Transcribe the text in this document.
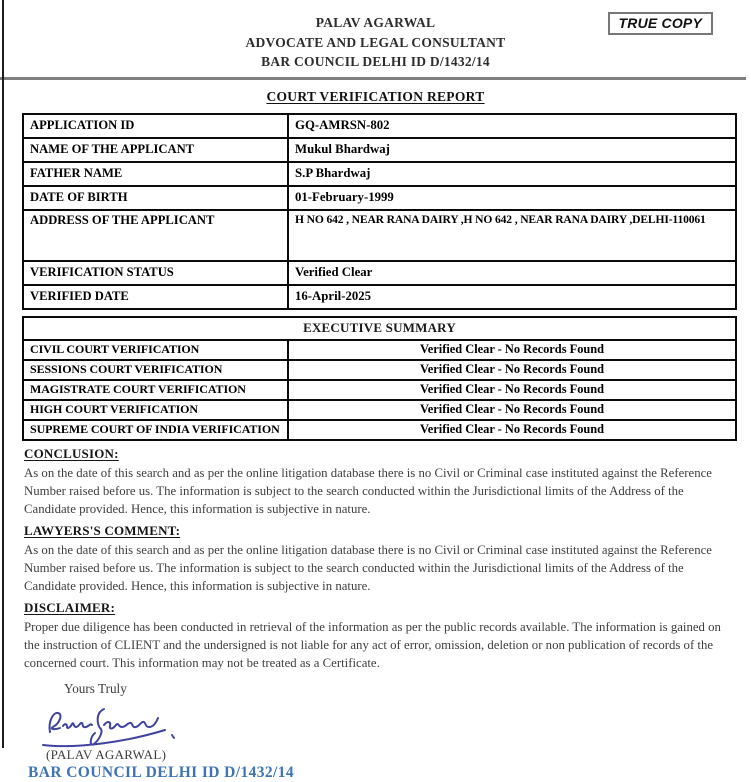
PALAV AGARWAL
ADVOCATE AND LEGAL CONSULTANT
BAR COUNCIL DELHI ID D/1432/14
TRUE COPY
COURT VERIFICATION REPORT
APPLICATION ID	GQ-AMRSN-802
NAME OF THE APPLICANT	Mukul Bhardwaj
FATHER NAME	S.P Bhardwaj
DATE OF BIRTH	01-February-1999
ADDRESS OF THE APPLICANT	H NO 642 , NEAR RANA DAIRY ,H NO 642 , NEAR RANA DAIRY ,DELHI-110061
VERIFICATION STATUS	Verified Clear
VERIFIED DATE	16-April-2025
EXECUTIVE SUMMARY	
CIVIL COURT VERIFICATION	Verified Clear - No Records Found
SESSIONS COURT VERIFICATION	Verified Clear - No Records Found
MAGISTRATE COURT VERIFICATION	Verified Clear - No Records Found
HIGH COURT VERIFICATION	Verified Clear - No Records Found
SUPREME COURT OF INDIA VERIFICATION	Verified Clear - No Records Found
CONCLUSION:

As on the date of this search and as per the online litigation database there is no Civil or Criminal case instituted against the Reference Number raised before us. The information is subject to the search conducted within the Jurisdictional limits of the Address of the Candidate provided. Hence, this information is subjective in nature.

LAWYERS'S COMMENT:

As on the date of this search and as per the online litigation database there is no Civil or Criminal case instituted against the Reference Number raised before us. The information is subject to the search conducted within the Jurisdictional limits of the Address of the Candidate provided. Hence, this information is subjective in nature.

DISCLAIMER:

Proper due diligence has been conducted in retrieval of the information as per the public records available. The information is gained on the instruction of CLIENT and the undersigned is not liable for any act of error, omission, deletion or non publication of records of the concerned court. This information may not be treated as a Certificate.

Yours Truly
(PALAV AGARWAL)
BAR COUNCIL DELHI ID D/1432/14
